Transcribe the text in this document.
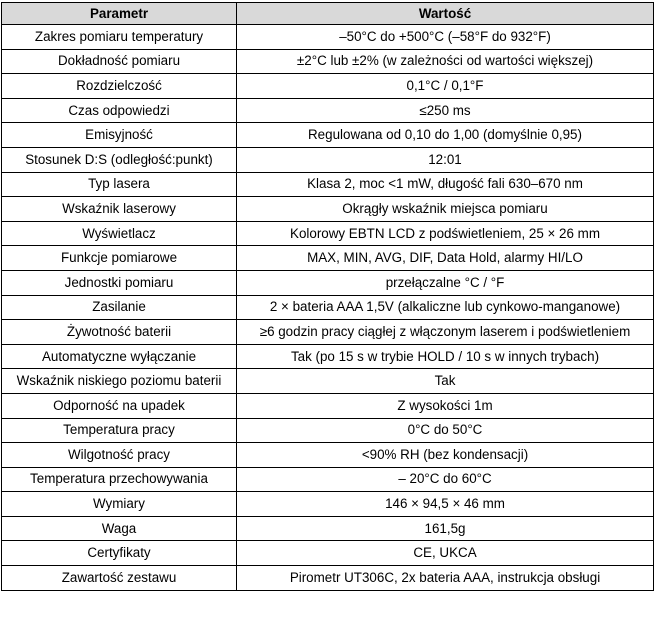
Parametr	Wartość
Zakres pomiaru temperatury	–50°C do +500°C (–58°F do 932°F)
Dokładność pomiaru	±2°C lub ±2% (w zależności od wartości większej)
Rozdzielczość	0,1°C / 0,1°F
Czas odpowiedzi	≤250 ms
Emisyjność	Regulowana od 0,10 do 1,00 (domyślnie 0,95)
Stosunek D:S (odległość:punkt)	12:01
Typ lasera	Klasa 2, moc <1 mW, długość fali 630–670 nm
Wskaźnik laserowy	Okrągły wskaźnik miejsca pomiaru
Wyświetlacz	Kolorowy EBTN LCD z podświetleniem, 25 × 26 mm
Funkcje pomiarowe	MAX, MIN, AVG, DIF, Data Hold, alarmy HI/LO
Jednostki pomiaru	przełączalne °C / °F
Zasilanie	2 × bateria AAA 1,5V (alkaliczne lub cynkowo-manganowe)
Żywotność baterii	≥6 godzin pracy ciągłej z włączonym laserem i podświetleniem
Automatyczne wyłączanie	Tak (po 15 s w trybie HOLD / 10 s w innych trybach)
Wskaźnik niskiego poziomu baterii	Tak
Odporność na upadek	Z wysokości 1m
Temperatura pracy	0°C do 50°C
Wilgotność pracy	<90% RH (bez kondensacji)
Temperatura przechowywania	– 20°C do 60°C
Wymiary	146 × 94,5 × 46 mm
Waga	161,5g
Certyfikaty	CE, UKCA
Zawartość zestawu	Pirometr UT306C, 2x bateria AAA, instrukcja obsługi
